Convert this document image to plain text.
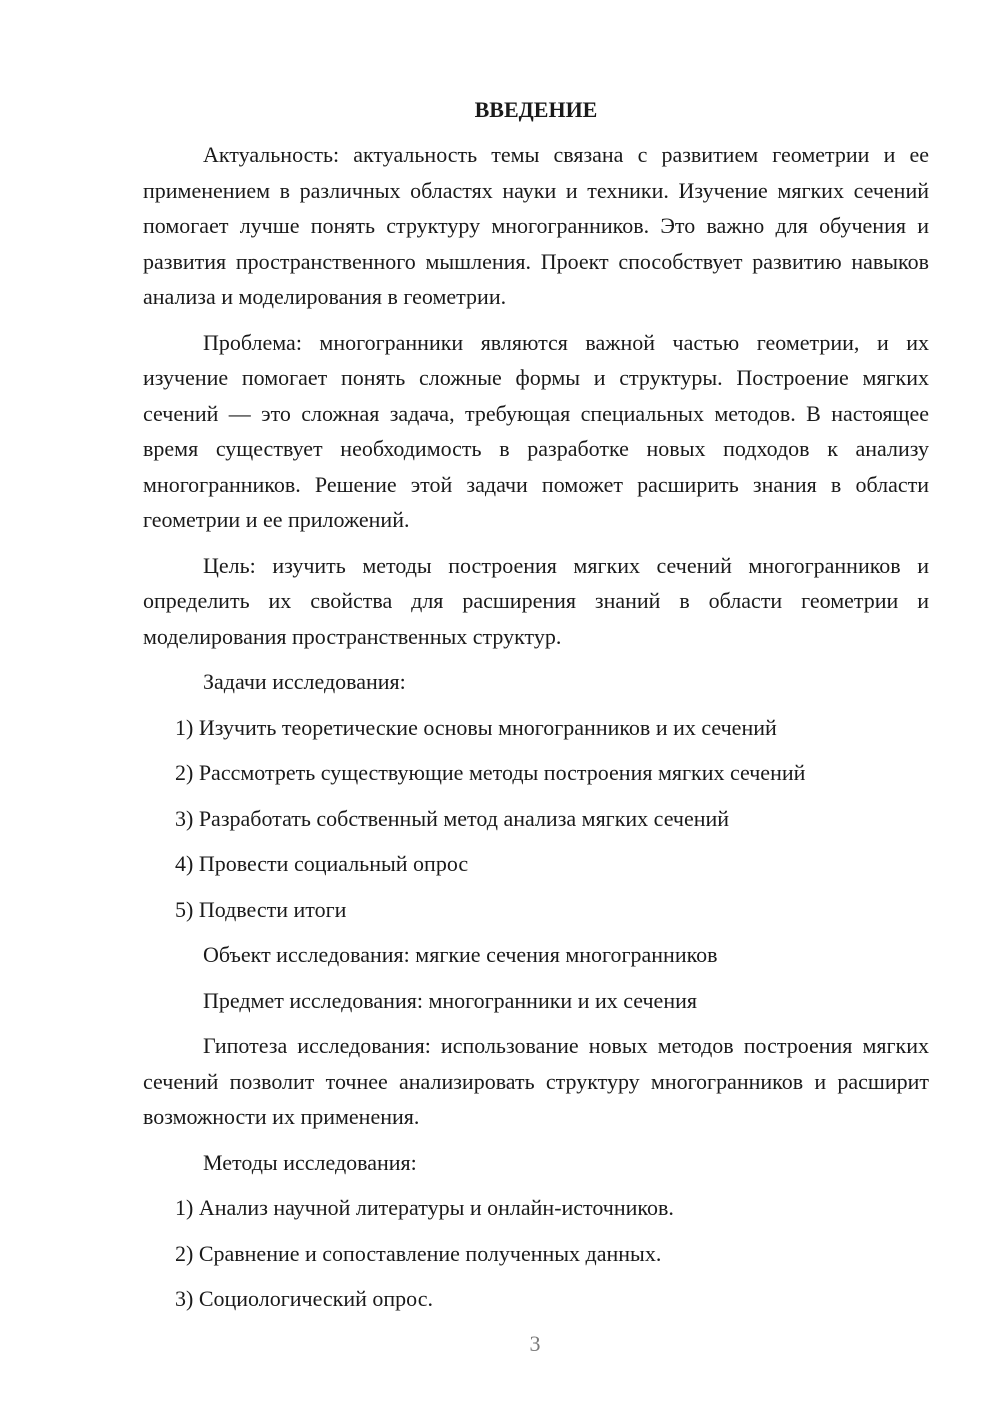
ВВЕДЕНИЕ

Актуальность: актуальность темы связана с развитием геометрии и ее применением в различных областях науки и техники. Изучение мягких сечений помогает лучше понять структуру многогранников. Это важно для обучения и развития пространственного мышления. Проект способствует развитию навыков анализа и моделирования в геометрии.

Проблема: многогранники являются важной частью геометрии, и их изучение помогает понять сложные формы и структуры. Построение мягких сечений — это сложная задача, требующая специальных методов. В настоящее время существует необходимость в разработке новых подходов к анализу многогранников. Решение этой задачи поможет расширить знания в области геометрии и ее приложений.

Цель: изучить методы построения мягких сечений многогранников и определить их свойства для расширения знаний в области геометрии и моделирования пространственных структур.

Задачи исследования:
1) Изучить теоретические основы многогранников и их сечений
2) Рассмотреть существующие методы построения мягких сечений
3) Разработать собственный метод анализа мягких сечений
4) Провести социальный опрос
5) Подвести итоги
Объект исследования: мягкие сечения многогранников
Предмет исследования: многогранники и их сечения

Гипотеза исследования: использование новых методов построения мягких сечений позволит точнее анализировать структуру многогранников и расширит возможности их применения.

Методы исследования:
1) Анализ научной литературы и онлайн-источников.
2) Сравнение и сопоставление полученных данных.
3) Социологический опрос.
3
